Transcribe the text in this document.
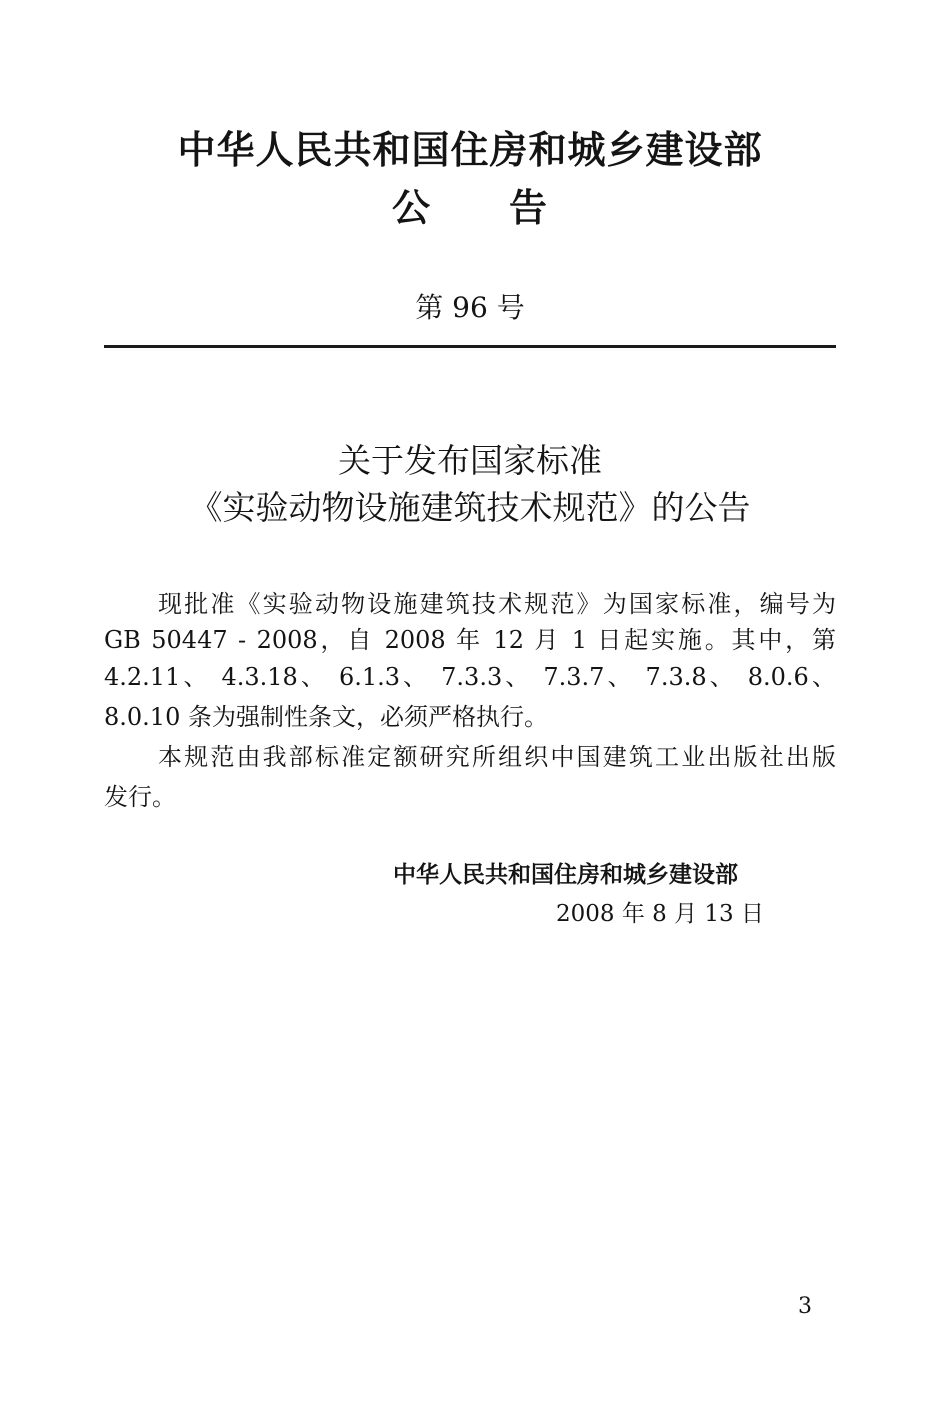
中华人民共和国住房和城乡建设部
公　　告
第 96 号
关于发布国家标准
《实验动物设施建筑技术规范》的公告
现批准《实验动物设施建筑技术规范》为国家标准，编号为
GB 50447 - 2008，自 2008 年 12 月 1 日起实施。其中，第
4.2.11、 4.3.18、 6.1.3、 7.3.3、 7.3.7、 7.3.8、 8.0.6、
8.0.10 条为强制性条文，必须严格执行。
本规范由我部标准定额研究所组织中国建筑工业出版社出版
发行。
中华人民共和国住房和城乡建设部
2008 年 8 月 13 日
3
